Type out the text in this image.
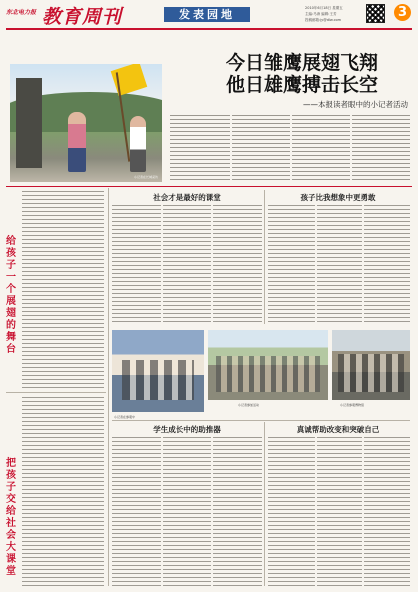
东北电力报 教育周刊	发表园地	2010年6月18日 星期五
主编:马涛 编辑:王芳
投稿邮箱:jy@dlw.com	3
小记者在长城采访
今日雏鹰展翅飞翔
他日雄鹰搏击长空
——本报读者眼中的小记者活动
给孩子一个展翅的舞台
把孩子交给社会大课堂
社会才是最好的课堂	孩子比我想象中更勇敢
小记者在参观中
小记者参加活动	小记者参观博物馆
学生成长中的助推器	真诚帮助改变和突破自己
